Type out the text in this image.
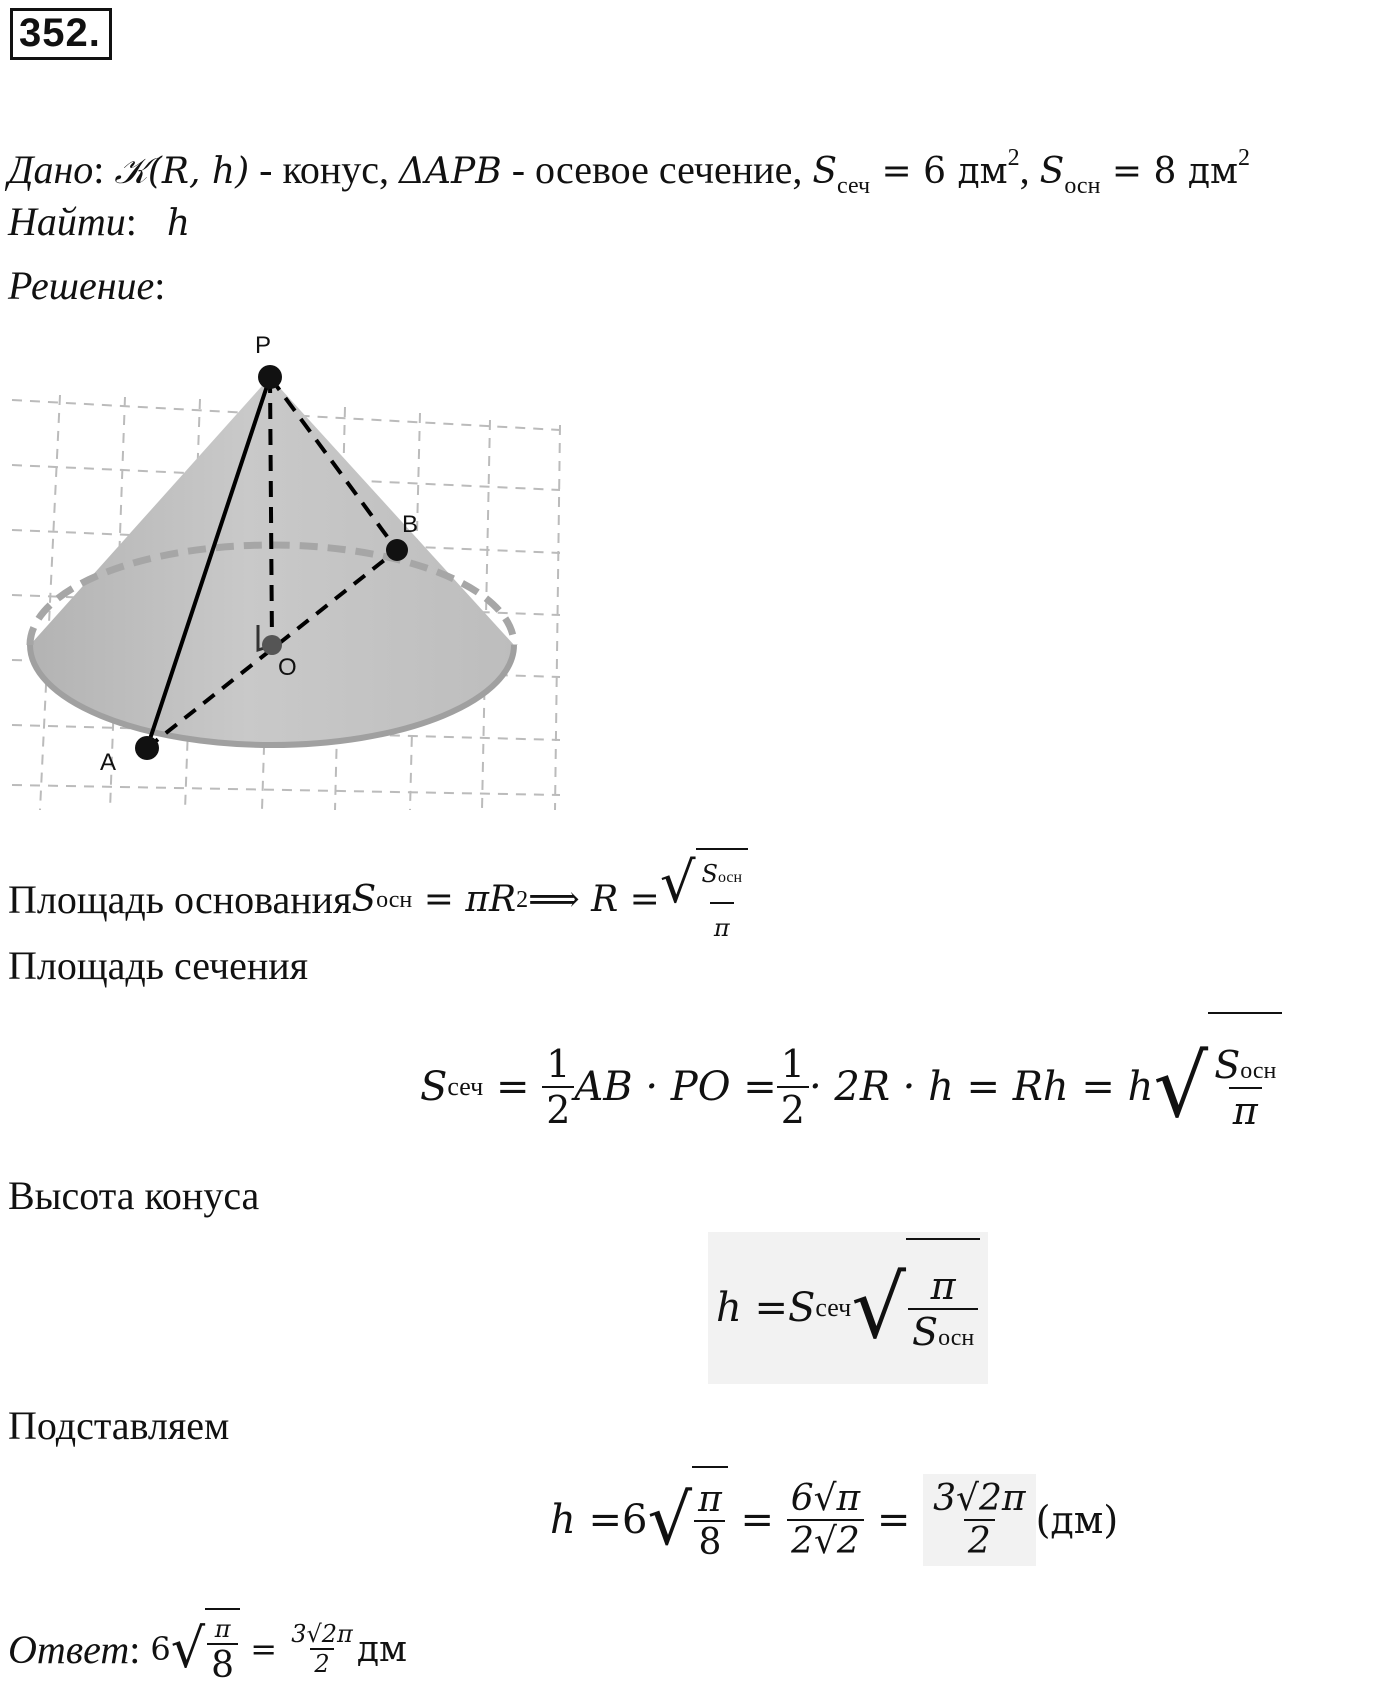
352.
Дано: 𝒦(R, h) - конус, ΔAPB - осевое сечение, $S_{сеч} = 6$ $дм^2$, $S_{осн} = 8$ $дм^2$
Найти:   h
Решение:
P
B
O
A
Площадь основания S осн = πR 2 ⟹ R = √ $\frac{\text{Sосн}}{\pi}$
Площадь сечения
S сеч = $\frac{1}{2}$ AB · PO = $\frac{1}{2} \cdot 2R \cdot h = Rh = h$ √ $\frac{\text{Sосн}}{\pi}$
Высота конуса
h = S сеч √ $\frac{\pi}{\text{Sосн}}$
Подставляем
h = 6 √ $\frac{\pi}{8} = \frac{6√\pi}{2√2} = \frac{3√2\pi}{2} (дм)$
Ответ : 6 √ $\frac{\pi}{8} = \frac{3√2\pi}{2}$ дм
